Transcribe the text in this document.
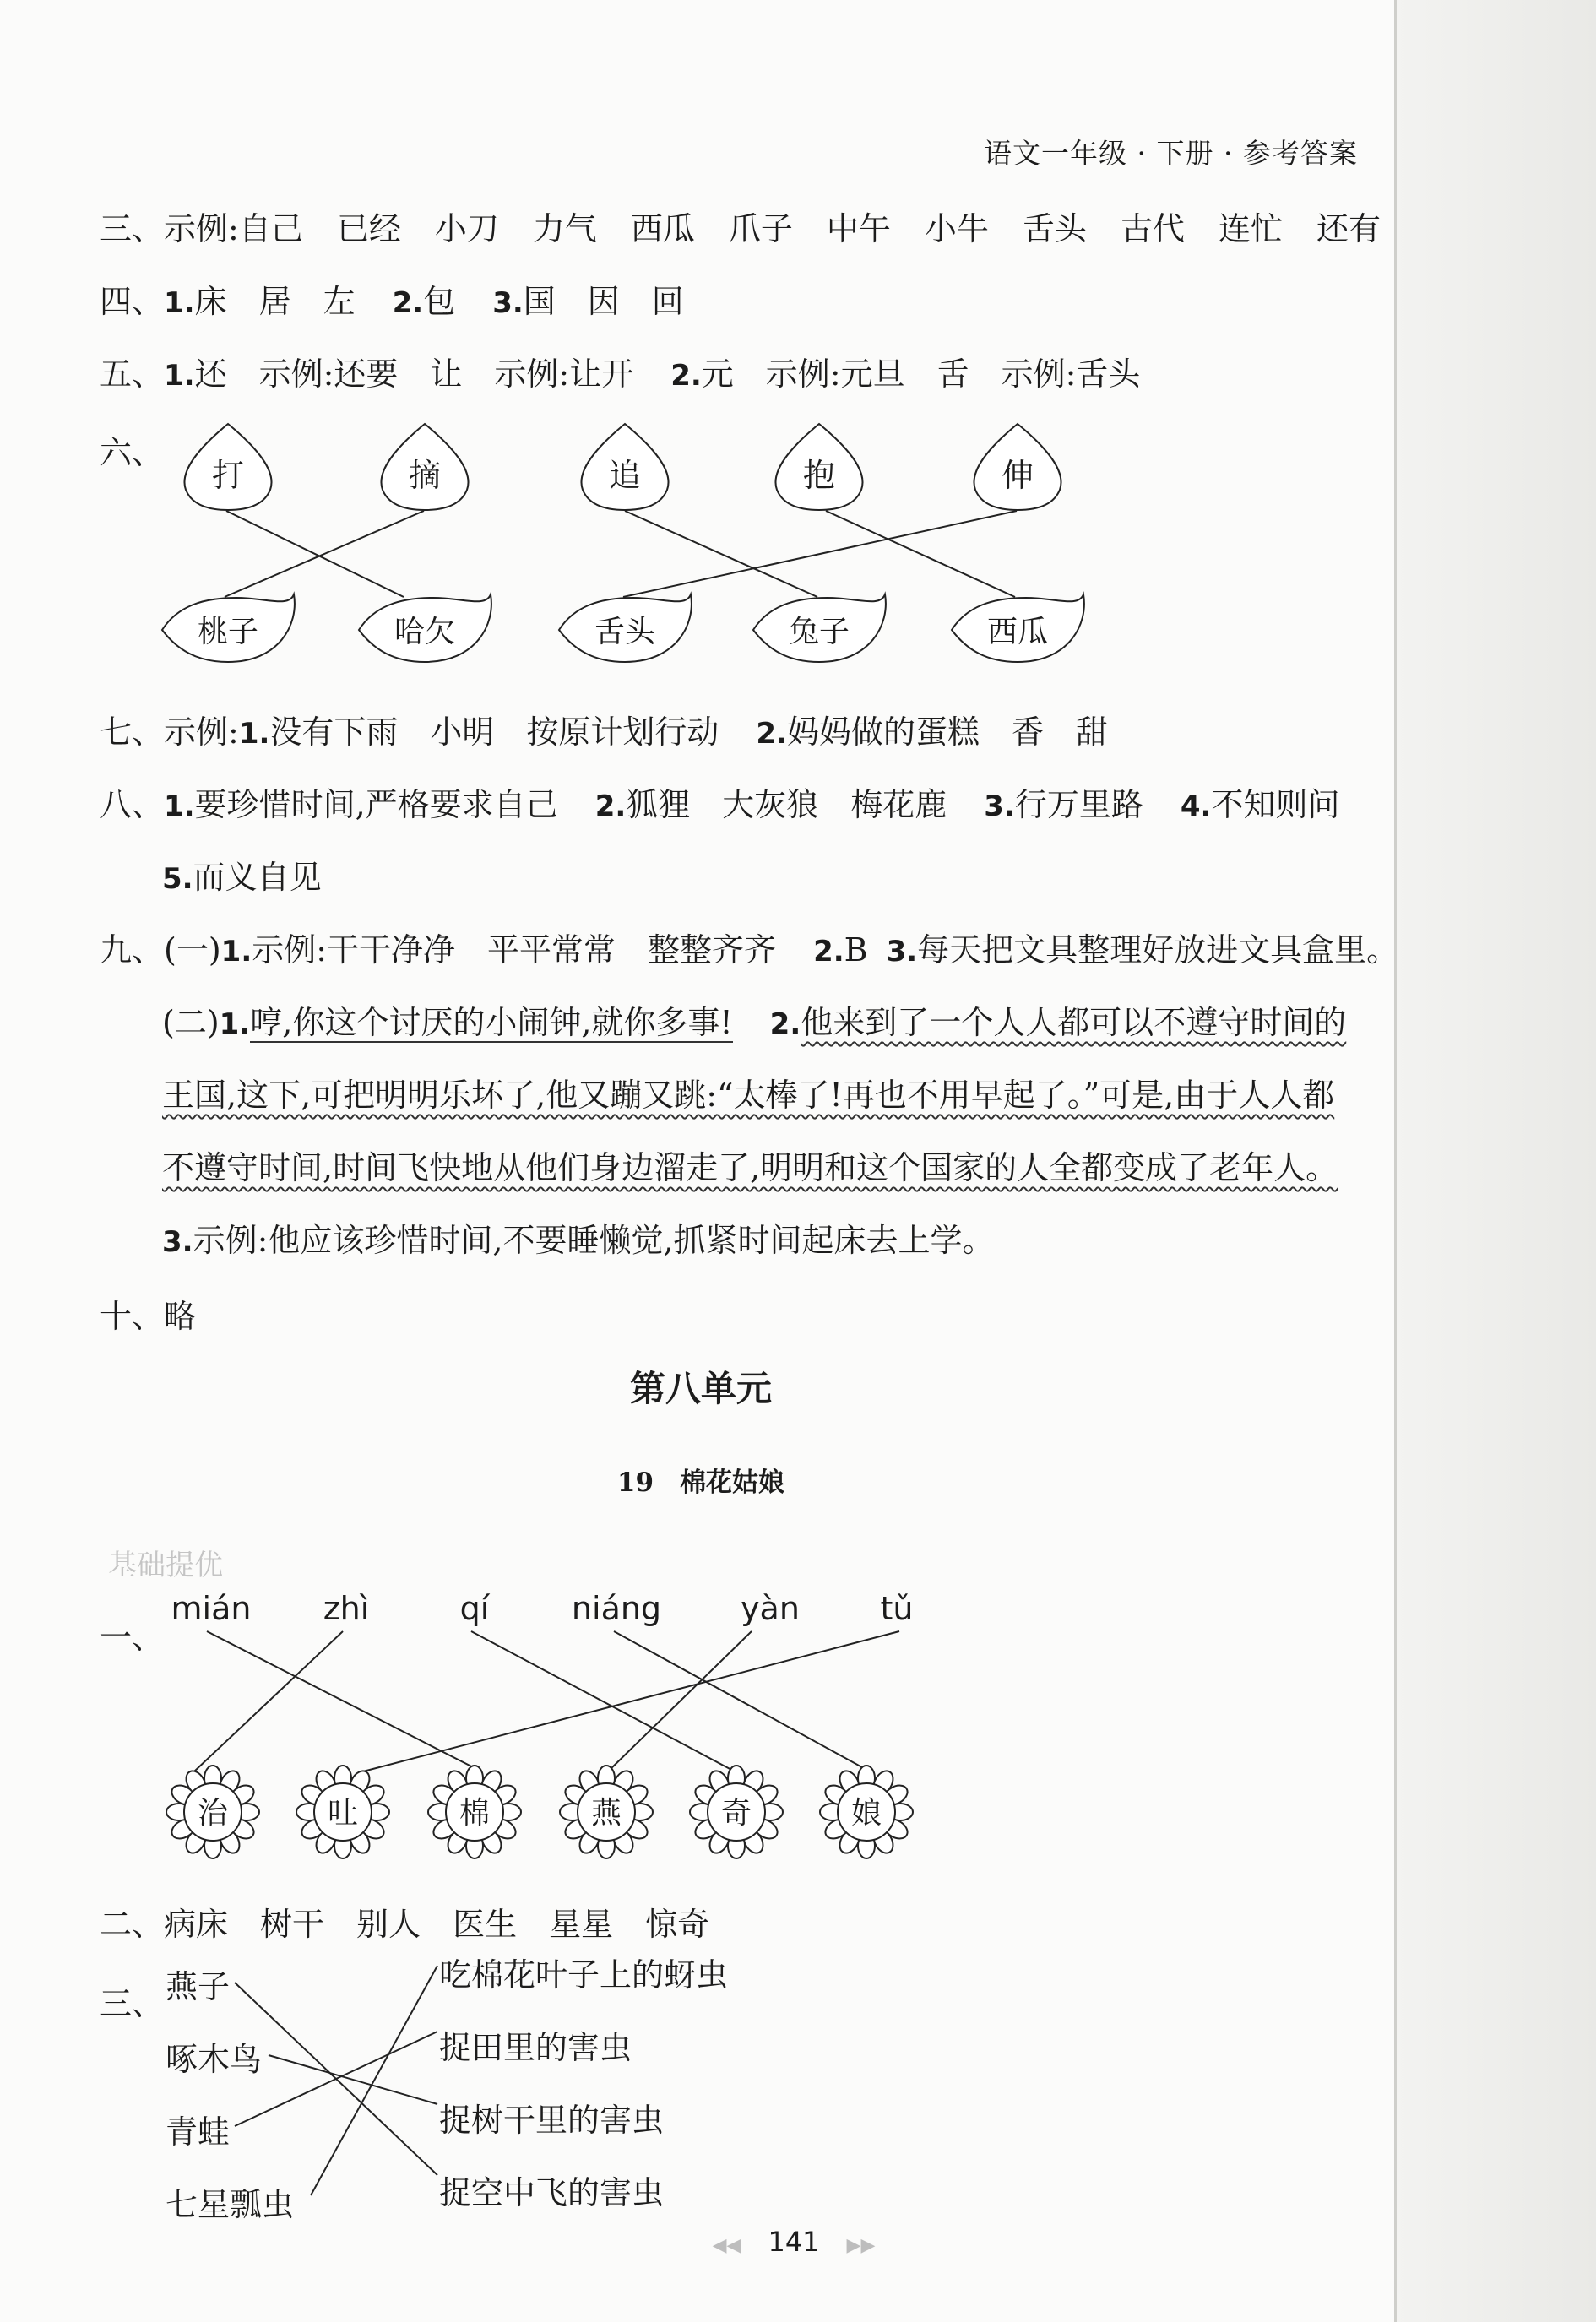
语文一年级 · 下册 · 参考答案
三、示例:自己 已经 小刀 力气 西瓜 爪子 中午 小牛 舌头 古代 连忙 还有
四、1.床　居　左 2.包 3.国　因　回
五、1.还　示例:还要　让　示例:让开 2.元　示例:元旦　舌　示例:舌头
六、
打	摘	追	抱	伸
桃子	哈欠	舌头	兔子	西瓜
七、示例:1.没有下雨　小明　按原计划行动 2.妈妈做的蛋糕　香　甜
八、1.要珍惜时间,严格要求自己 2.狐狸　大灰狼　梅花鹿 3.行万里路 4.不知则问
5.而义自见
九、(一)1.示例:干干净净　平平常常　整整齐齐 2.B 3.每天把文具整理好放进文具盒里。
(二)1.哼,你这个讨厌的小闹钟,就你多事! 2.他来到了一个人人都可以不遵守时间的
王国,这下,可把明明乐坏了,他又蹦又跳:“太棒了!再也不用早起了。”可是,由于人人都
不遵守时间,时间飞快地从他们身边溜走了,明明和这个国家的人全都变成了老年人。
3.示例:他应该珍惜时间,不要睡懒觉,抓紧时间起床去上学。
十、略
第八单元
19　 棉花姑娘
基础提优
一、
mián zhì	qí	niáng yàn	tǔ
治	吐	棉	燕	奇	娘
二、病床 树干 别人 医生 星星 惊奇
三、 燕子
啄木鸟
青蛙
七星瓢虫
吃棉花叶子上的蚜虫
捉田里的害虫
捉树干里的害虫
捉空中飞的害虫
◀◀　 141　 ▶▶
